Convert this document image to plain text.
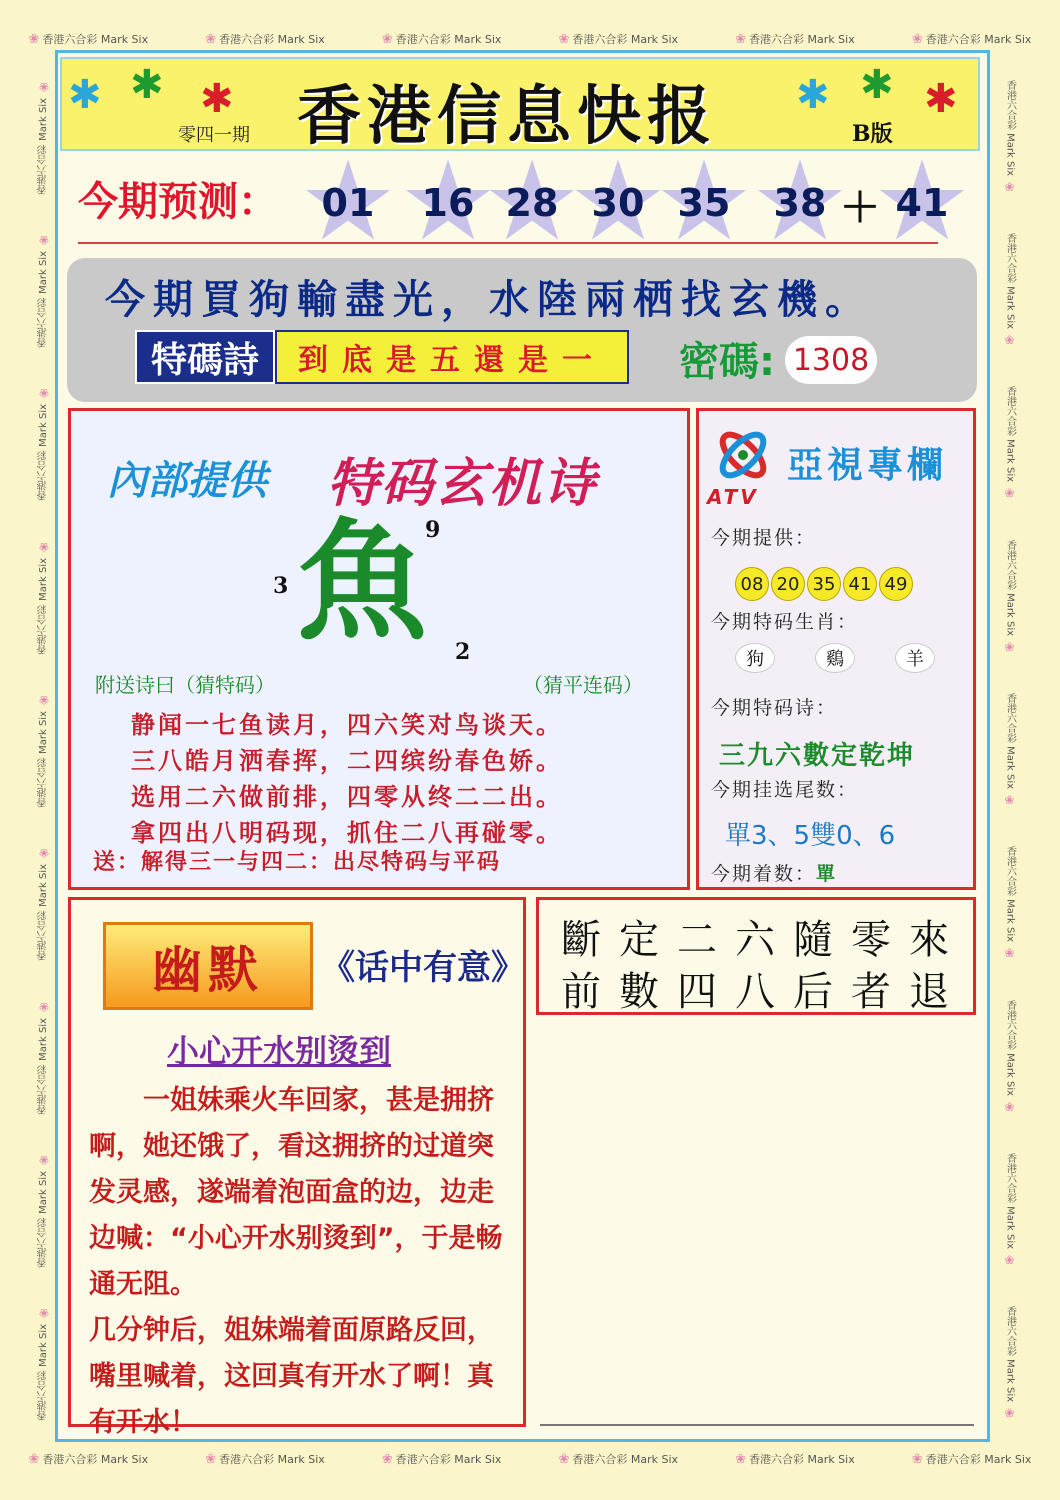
❀ 香港六合彩 Mark Six	❀ 香港六合彩 Mark Six	❀ 香港六合彩 Mark Six	❀ 香港六合彩 Mark Six	❀ 香港六合彩 Mark Six	❀ 香港六合彩 Mark Six
❀ 香港六合彩 Mark Six	❀ 香港六合彩 Mark Six	❀ 香港六合彩 Mark Six	❀ 香港六合彩 Mark Six	❀ 香港六合彩 Mark Six	❀ 香港六合彩 Mark Six
香港六合彩 Mark Six ❀
香港六合彩 Mark Six ❀
香港六合彩 Mark Six ❀
香港六合彩 Mark Six ❀
香港六合彩 Mark Six ❀
香港六合彩 Mark Six ❀
香港六合彩 Mark Six ❀
香港六合彩 Mark Six ❀
香港六合彩 Mark Six ❀
香港六合彩 Mark Six ❀
香港六合彩 Mark Six ❀
香港六合彩 Mark Six ❀
香港六合彩 Mark Six ❀
香港六合彩 Mark Six ❀
香港六合彩 Mark Six ❀
香港六合彩 Mark Six ❀
香港六合彩 Mark Six ❀
香港六合彩 Mark Six ❀
✱ ✱ ✱	✱ ✱ ✱
零四一期 香港信息快报	B版
今期预测： ★ 01 ★ 16 ★ 28 ★ 30 ★ 35 ★ 38 ＋ ★ 41
今期買狗輸盡光，水陸兩栖找玄機。
特碼詩	到底是五還是一	密碼: 1308
內部提供 特码玄机诗
魚
9
3
2
附送诗曰（猜特码）	（猜平连码）
静闻一七鱼读月，四六笑对鸟谈天。
三八皓月洒春挥，二四缤纷春色娇。
选用二六做前排，四零从终二二出。
拿四出八明码现，抓住二八再碰零。
送：解得三一与四二：出尽特码与平码
ATV
亞視專欄
今期提供：
08 20 35 41 49
今期特码生肖：
狗	鷄	羊
今期特码诗：
三九六數定乾坤
今期挂选尾数：
單3、5雙0、6
今期着数：單
幽默	《话中有意》
小心开水别烫到

一姐妹乘火车回家，甚是拥挤啊，她还饿了，看这拥挤的过道突发灵感，遂端着泡面盒的边，边走边喊：“小心开水别烫到”，于是畅通无阻。

几分钟后，姐妹端着面原路反回，嘴里喊着，这回真有开水了啊！真有开水！

斷定二六隨零來
前數四八后者退
